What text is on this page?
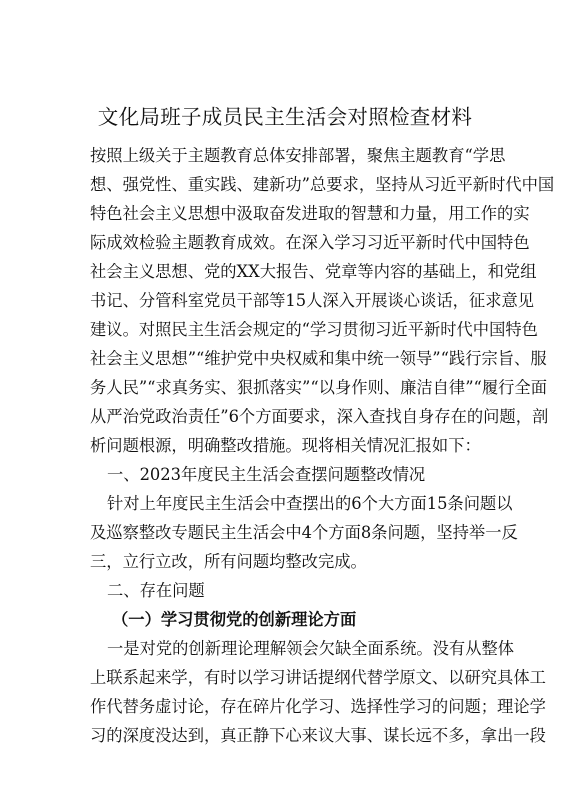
文化局班子成员民主生活会对照检查材料
按照上级关于主题教育总体安排部署，聚焦主题教育“学思
想、强党性、重实践、建新功”总要求，坚持从习近平新时代中国
特色社会主义思想中汲取奋发进取的智慧和力量，用工作的实
际成效检验主题教育成效。在深入学习习近平新时代中国特色
社会主义思想、党的XX大报告、党章等内容的基础上，和党组
书记、分管科室党员干部等15人深入开展谈心谈话，征求意见
建议。对照民主生活会规定的“学习贯彻习近平新时代中国特色
社会主义思想”“维护党中央权威和集中统一领导”“践行宗旨、服
务人民”“求真务实、狠抓落实”“以身作则、廉洁自律”“履行全面
从严治党政治责任”6个方面要求，深入查找自身存在的问题，剖
析问题根源，明确整改措施。现将相关情况汇报如下：
一、2023年度民主生活会查摆问题整改情况
针对上年度民主生活会中查摆出的6个大方面15条问题以
及巡察整改专题民主生活会中4个方面8条问题，坚持举一反
三，立行立改，所有问题均整改完成。
二、存在问题
（一）学习贯彻党的创新理论方面
一是对党的创新理论理解领会欠缺全面系统。没有从整体
上联系起来学，有时以学习讲话提纲代替学原文、以研究具体工
作代替务虚讨论，存在碎片化学习、选择性学习的问题；理论学
习的深度没达到，真正静下心来议大事、谋长远不多，拿出一段
